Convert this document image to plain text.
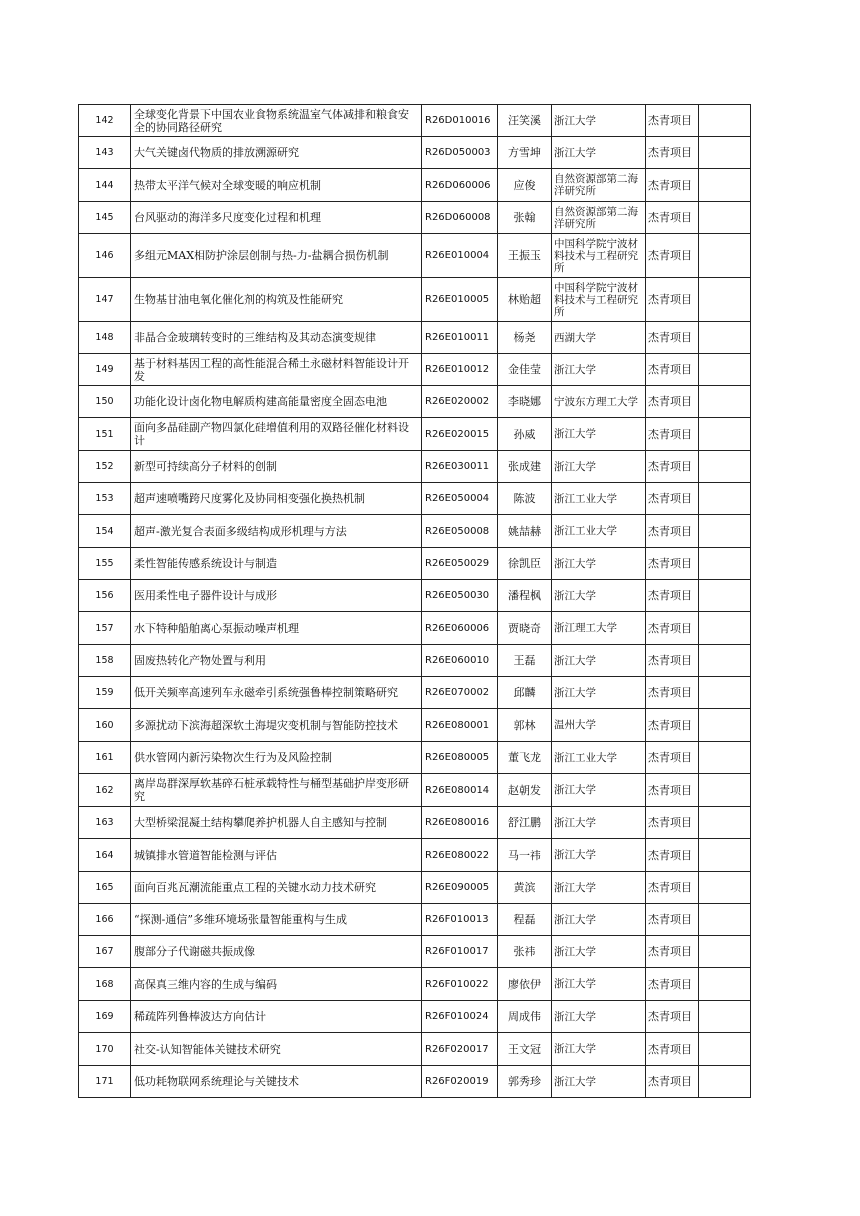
142	全球变化背景下中国农业食物系统温室气体减排和粮食安全的协同路径研究	R26D010016	汪笑溪	浙江大学	杰青项目	
143	大气关键卤代物质的排放溯源研究	R26D050003	方雪坤	浙江大学	杰青项目	
144	热带太平洋气候对全球变暖的响应机制	R26D060006	应俊	自然资源部第二海洋研究所	杰青项目	
145	台风驱动的海洋多尺度变化过程和机理	R26D060008	张翰	自然资源部第二海洋研究所	杰青项目	
146	多组元MAX相防护涂层创制与热-力-盐耦合损伤机制	R26E010004	王振玉	中国科学院宁波材料技术与工程研究所	杰青项目	
147	生物基甘油电氧化催化剂的构筑及性能研究	R26E010005	林贻超	中国科学院宁波材料技术与工程研究所	杰青项目	
148	非晶合金玻璃转变时的三维结构及其动态演变规律	R26E010011	杨尧	西湖大学	杰青项目	
149	基于材料基因工程的高性能混合稀土永磁材料智能设计开发	R26E010012	金佳莹	浙江大学	杰青项目	
150	功能化设计卤化物电解质构建高能量密度全固态电池	R26E020002	李晓娜	宁波东方理工大学	杰青项目	
151	面向多晶硅副产物四氯化硅增值利用的双路径催化材料设计	R26E020015	孙威	浙江大学	杰青项目	
152	新型可持续高分子材料的创制	R26E030011	张成建	浙江大学	杰青项目	
153	超声速喷嘴跨尺度雾化及协同相变强化换热机制	R26E050004	陈波	浙江工业大学	杰青项目	
154	超声-激光复合表面多级结构成形机理与方法	R26E050008	姚喆赫	浙江工业大学	杰青项目	
155	柔性智能传感系统设计与制造	R26E050029	徐凯臣	浙江大学	杰青项目	
156	医用柔性电子器件设计与成形	R26E050030	潘程枫	浙江大学	杰青项目	
157	水下特种船舶离心泵振动噪声机理	R26E060006	贾晓奇	浙江理工大学	杰青项目	
158	固废热转化产物处置与利用	R26E060010	王磊	浙江大学	杰青项目	
159	低开关频率高速列车永磁牵引系统强鲁棒控制策略研究	R26E070002	邱麟	浙江大学	杰青项目	
160	多源扰动下滨海超深软土海堤灾变机制与智能防控技术	R26E080001	郭林	温州大学	杰青项目	
161	供水管网内新污染物次生行为及风险控制	R26E080005	董飞龙	浙江工业大学	杰青项目	
162	离岸岛群深厚软基碎石桩承载特性与桶型基础护岸变形研究	R26E080014	赵朝发	浙江大学	杰青项目	
163	大型桥梁混凝土结构攀爬养护机器人自主感知与控制	R26E080016	舒江鹏	浙江大学	杰青项目	
164	城镇排水管道智能检测与评估	R26E080022	马一祎	浙江大学	杰青项目	
165	面向百兆瓦潮流能重点工程的关键水动力技术研究	R26E090005	黄滨	浙江大学	杰青项目	
166	“探测-通信”多维环境场张量智能重构与生成	R26F010013	程磊	浙江大学	杰青项目	
167	腹部分子代谢磁共振成像	R26F010017	张祎	浙江大学	杰青项目	
168	高保真三维内容的生成与编码	R26F010022	廖依伊	浙江大学	杰青项目	
169	稀疏阵列鲁棒波达方向估计	R26F010024	周成伟	浙江大学	杰青项目	
170	社交-认知智能体关键技术研究	R26F020017	王文冠	浙江大学	杰青项目	
171	低功耗物联网系统理论与关键技术	R26F020019	郭秀珍	浙江大学	杰青项目	
